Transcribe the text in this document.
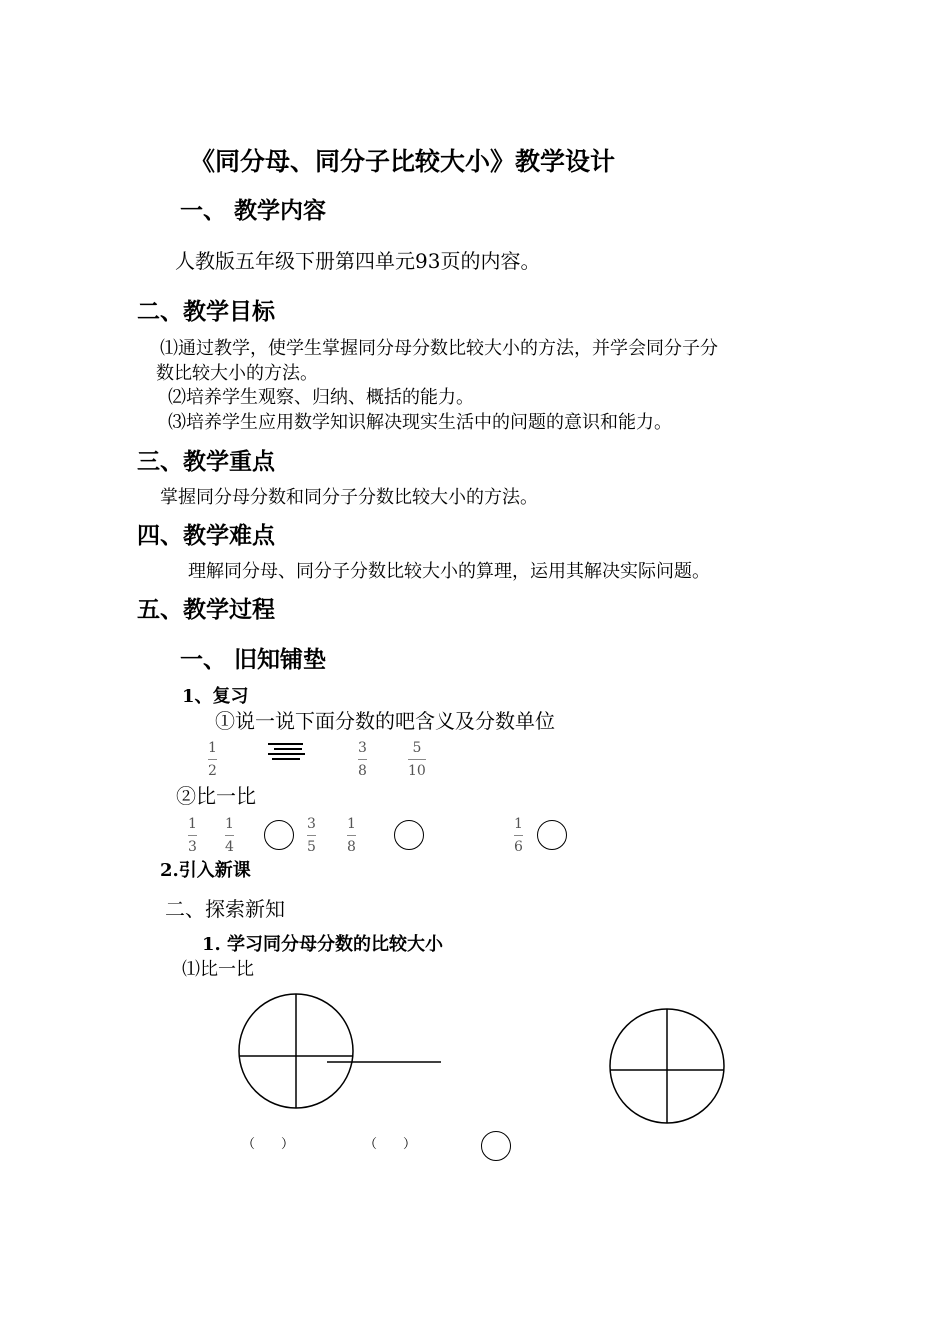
《同分母、同分子比较大小》教学设计
一、 教学内容
人教版五年级下册第四单元93页的内容。
二、教学目标
⑴通过教学，使学生掌握同分母分数比较大小的方法，并学会同分子分
数比较大小的方法。
⑵培养学生观察、归纳、概括的能力。
⑶培养学生应用数学知识解决现实生活中的问题的意识和能力。
三、教学重点
掌握同分母分数和同分子分数比较大小的方法。
四、教学难点
理解同分母、同分子分数比较大小的算理，运用其解决实际问题。
五、教学过程
一、 旧知铺垫
1、复习
①说一说下面分数的吧含义及分数单位
1
2
3
8
5
10
②比一比
1
3
1
4
3
5
1
8
1
6
2.引入新课
二、探索新知
1. 学习同分母分数的比较大小
⑴比一比
（　　）	（　　）
